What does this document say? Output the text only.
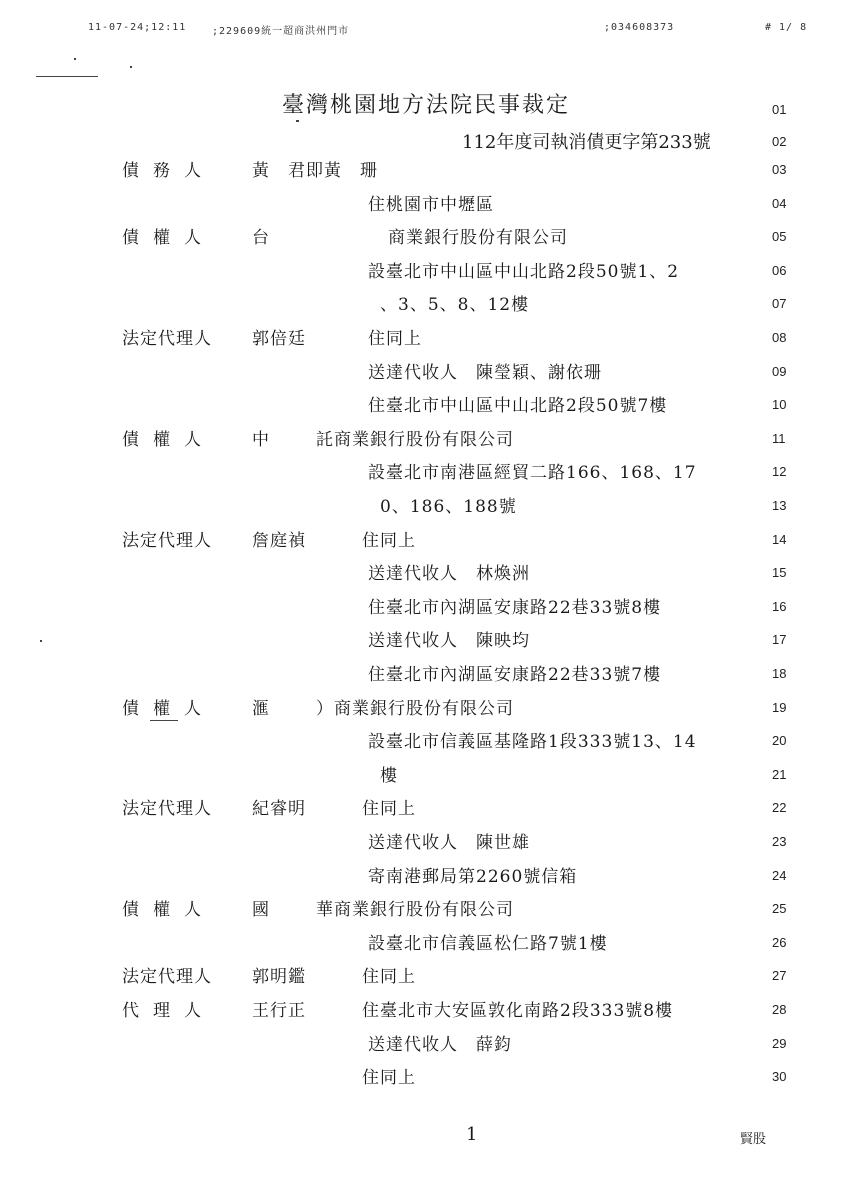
11-07-24;12:11	;229609統一超商洪州門市	;034608373	# 1/ 8
臺灣桃園地方法院民事裁定	01
112年度司執消債更字第233號	02
債務人 黃　君即黃　珊	03
住桃園市中壢區	04
債權人 台	　　　　商業銀行股份有限公司	05
設臺北市中山區中山北路2段50號1、2	06
、3、5、8、12樓	07
法定代理人 郭倍廷	住同上	08
送達代收人　陳瑩穎、謝依珊	09
住臺北市中山區中山北路2段50號7樓	10
債權人 中	託商業銀行股份有限公司	11
設臺北市南港區經貿二路166、168、17	12
0、186、188號	13
法定代理人 詹庭禎	住同上	14
送達代收人　林煥洲	15
住臺北市內湖區安康路22巷33號8樓	16
送達代收人　陳映均	17
住臺北市內湖區安康路22巷33號7樓	18
債權人 滙	）商業銀行股份有限公司	19
設臺北市信義區基隆路1段333號13、14	20
樓	21
法定代理人 紀睿明	住同上	22
送達代收人　陳世雄	23
寄南港郵局第2260號信箱	24
債權人 國	華商業銀行股份有限公司	25
設臺北市信義區松仁路7號1樓	26
法定代理人 郭明鑑	住同上	27
代理人 王行正	住臺北市大安區敦化南路2段333號8樓	28
送達代收人　薛鈞	29
住同上	30
1	賢股
